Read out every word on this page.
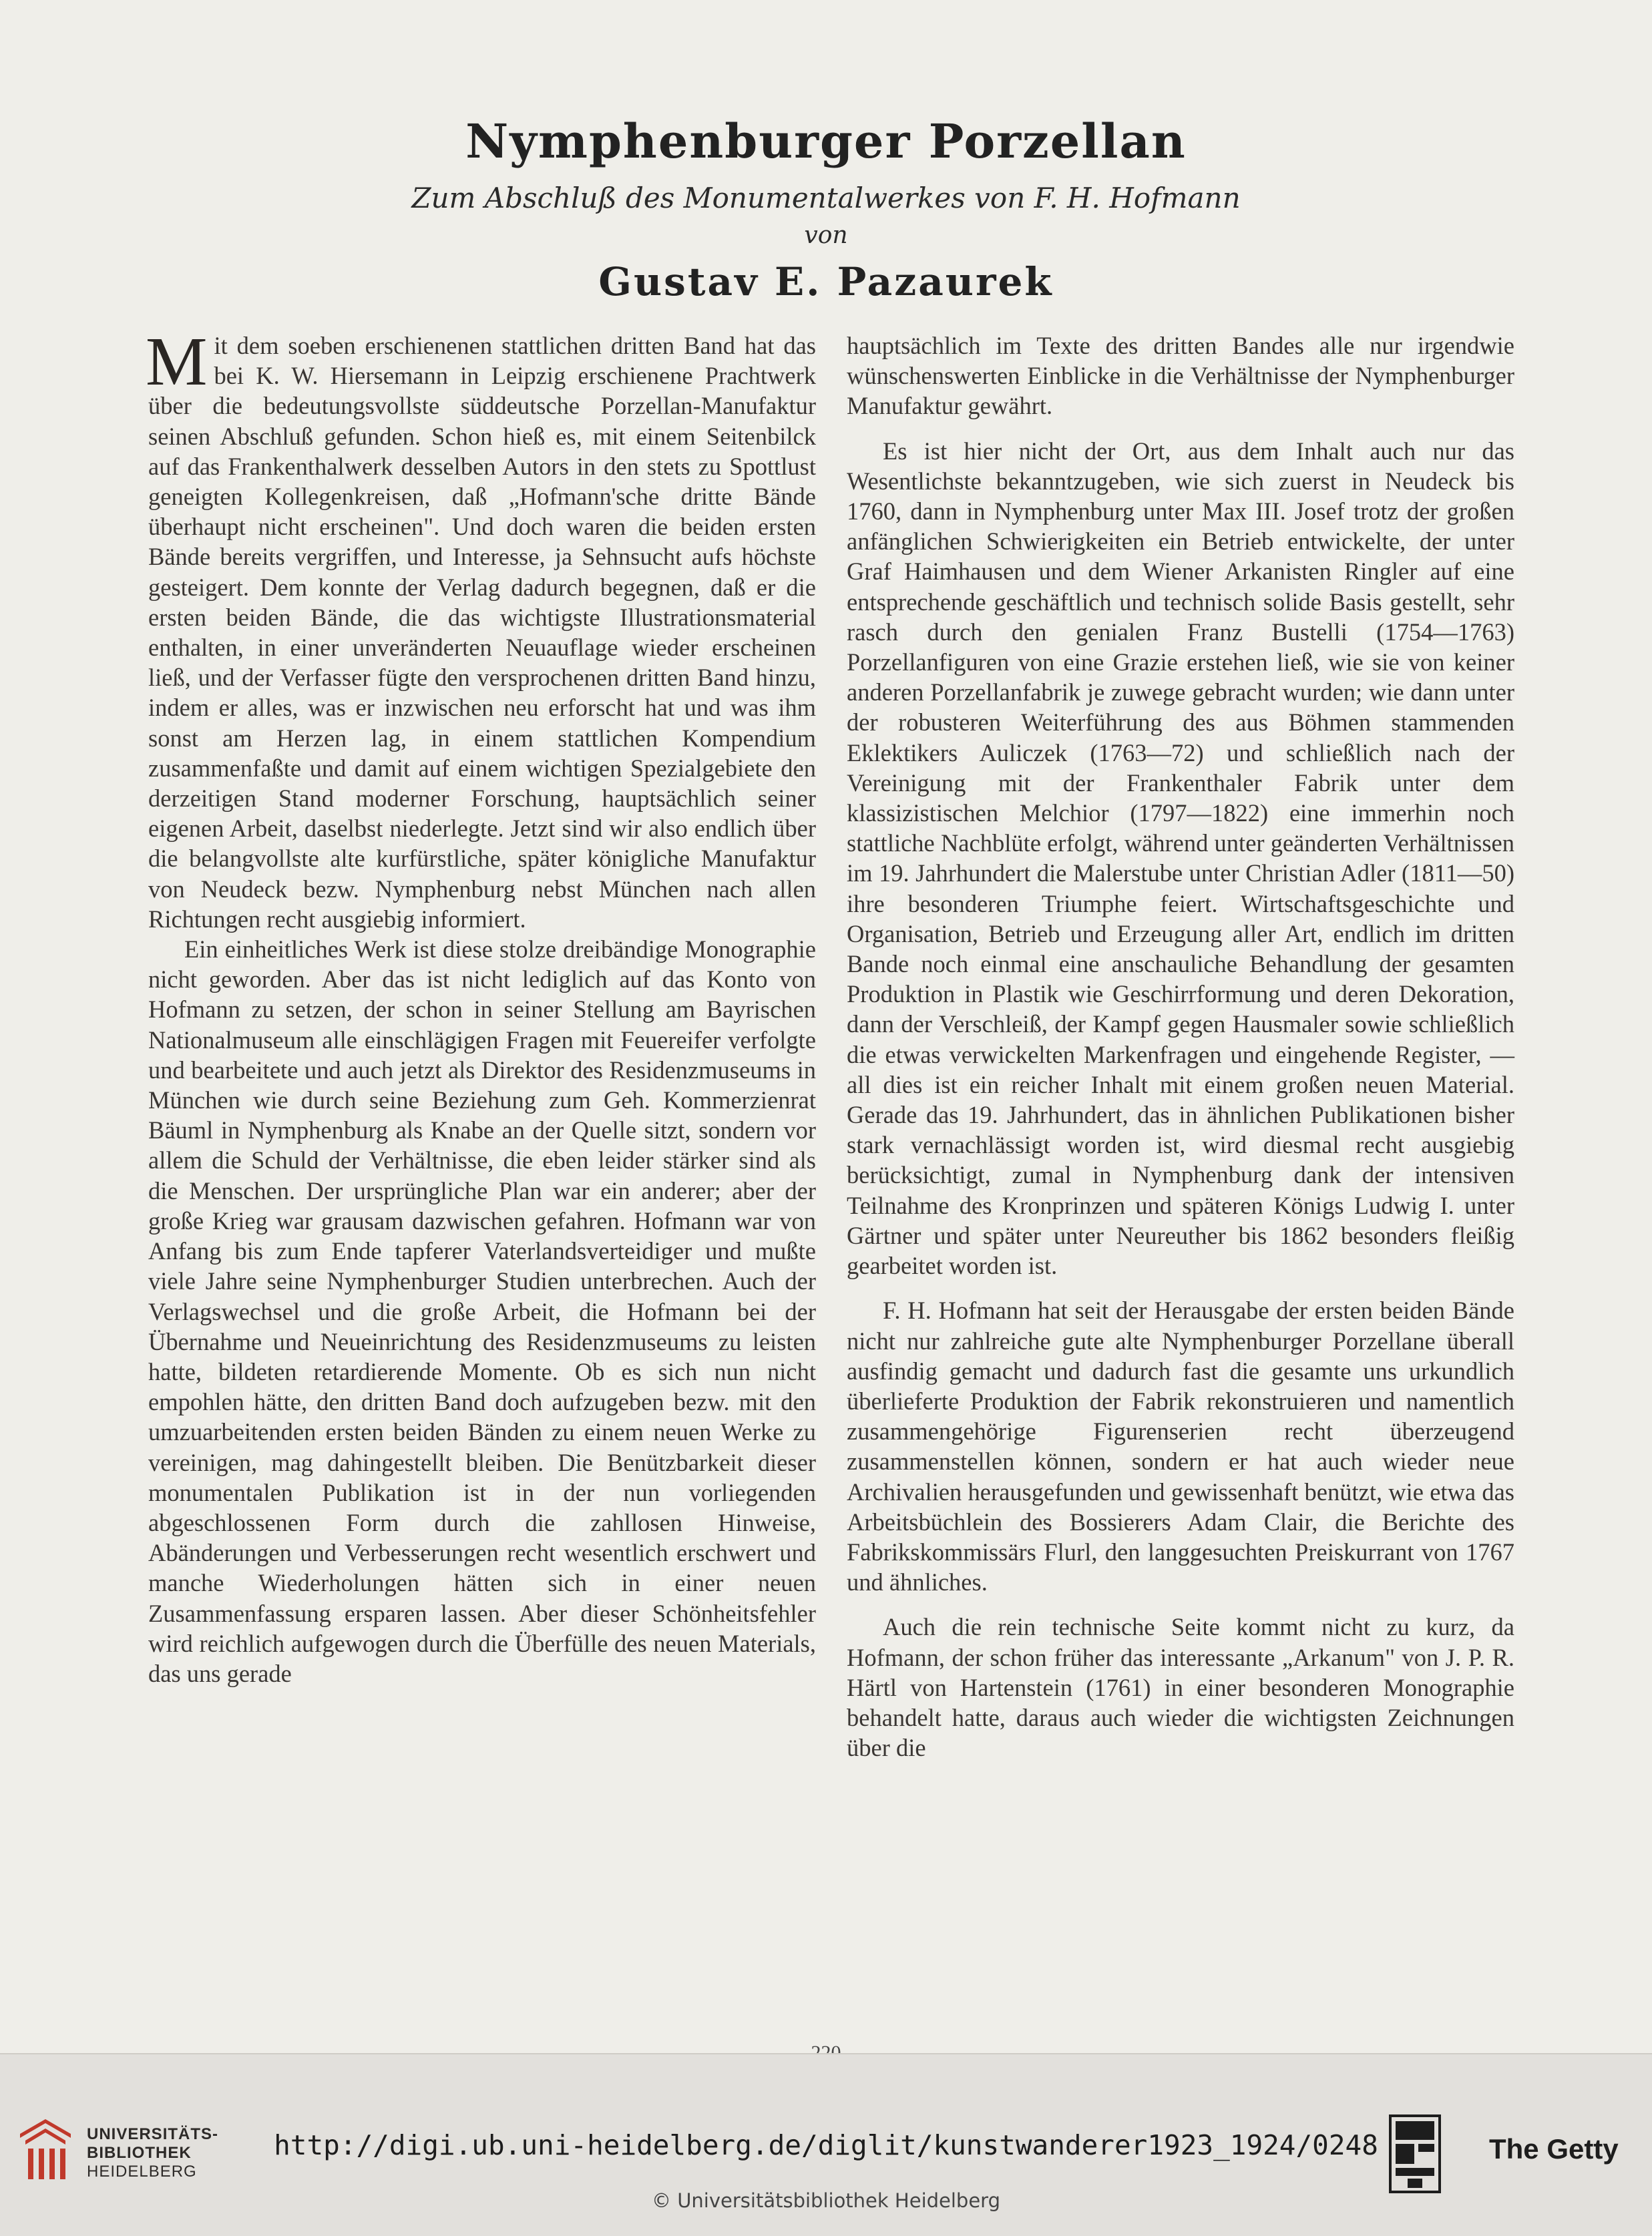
Nymphenburger Porzellan
Zum Abschluß des Monumentalwerkes von F. H. Hofmann
von
Gustav E. Pazaurek

Mit dem soeben erschienenen stattlichen dritten Band hat das bei K. W. Hiersemann in Leipzig erschienene Prachtwerk über die bedeutungsvollste süddeutsche Porzellan-Manufaktur seinen Abschluß gefunden. Schon hieß es, mit einem Seitenbilck auf das Frankenthalwerk desselben Autors in den stets zu Spottlust geneigten Kollegenkreisen, daß „Hofmann'sche dritte Bände überhaupt nicht erscheinen". Und doch waren die beiden ersten Bände bereits vergriffen, und Interesse, ja Sehnsucht aufs höchste gesteigert. Dem konnte der Verlag dadurch begegnen, daß er die ersten beiden Bände, die das wichtigste Illustrationsmaterial enthalten, in einer unveränderten Neuauflage wieder erscheinen ließ, und der Verfasser fügte den versprochenen dritten Band hinzu, indem er alles, was er inzwischen neu erforscht hat und was ihm sonst am Herzen lag, in einem stattlichen Kompendium zusammenfaßte und damit auf einem wichtigen Spezialgebiete den derzeitigen Stand moderner Forschung, hauptsächlich seiner eigenen Arbeit, daselbst niederlegte. Jetzt sind wir also endlich über die belangvollste alte kurfürstliche, später königliche Manufaktur von Neudeck bezw. Nymphenburg nebst München nach allen Richtungen recht ausgiebig informiert.

Ein einheitliches Werk ist diese stolze dreibändige Monographie nicht geworden. Aber das ist nicht lediglich auf das Konto von Hofmann zu setzen, der schon in seiner Stellung am Bayrischen Nationalmuseum alle einschlägigen Fragen mit Feuereifer verfolgte und bearbeitete und auch jetzt als Direktor des Residenzmuseums in München wie durch seine Beziehung zum Geh. Kommerzienrat Bäuml in Nymphenburg als Knabe an der Quelle sitzt, sondern vor allem die Schuld der Verhältnisse, die eben leider stärker sind als die Menschen. Der ursprüngliche Plan war ein anderer; aber der große Krieg war grausam dazwischen gefahren. Hofmann war von Anfang bis zum Ende tapferer Vaterlandsverteidiger und mußte viele Jahre seine Nymphenburger Studien unterbrechen. Auch der Verlagswechsel und die große Arbeit, die Hofmann bei der Übernahme und Neueinrichtung des Residenzmuseums zu leisten hatte, bildeten retardierende Momente. Ob es sich nun nicht empohlen hätte, den dritten Band doch aufzugeben bezw. mit den umzuarbeitenden ersten beiden Bänden zu einem neuen Werke zu vereinigen, mag dahingestellt bleiben. Die Benützbarkeit dieser monumentalen Publikation ist in der nun vorliegenden abgeschlossenen Form durch die zahllosen Hinweise, Abänderungen und Verbesserungen recht wesentlich erschwert und manche Wiederholungen hätten sich in einer neuen Zusammenfassung ersparen lassen. Aber dieser Schönheitsfehler wird reichlich aufgewogen durch die Überfülle des neuen Materials, das uns gerade

hauptsächlich im Texte des dritten Bandes alle nur irgendwie wünschenswerten Einblicke in die Verhältnisse der Nymphenburger Manufaktur gewährt.

Es ist hier nicht der Ort, aus dem Inhalt auch nur das Wesentlichste bekanntzugeben, wie sich zuerst in Neudeck bis 1760, dann in Nymphenburg unter Max III. Josef trotz der großen anfänglichen Schwierigkeiten ein Betrieb entwickelte, der unter Graf Haimhausen und dem Wiener Arkanisten Ringler auf eine entsprechende geschäftlich und technisch solide Basis gestellt, sehr rasch durch den genialen Franz Bustelli (1754—1763) Porzellanfiguren von eine Grazie erstehen ließ, wie sie von keiner anderen Porzellanfabrik je zuwege gebracht wurden; wie dann unter der robusteren Weiterführung des aus Böhmen stammenden Eklektikers Auliczek (1763—72) und schließlich nach der Vereinigung mit der Frankenthaler Fabrik unter dem klassizistischen Melchior (1797—1822) eine immerhin noch stattliche Nachblüte erfolgt, während unter geänderten Verhältnissen im 19. Jahrhundert die Malerstube unter Christian Adler (1811—50) ihre besonderen Triumphe feiert. Wirtschaftsgeschichte und Organisation, Betrieb und Erzeugung aller Art, endlich im dritten Bande noch einmal eine anschauliche Behandlung der gesamten Produktion in Plastik wie Geschirrformung und deren Dekoration, dann der Verschleiß, der Kampf gegen Hausmaler sowie schließlich die etwas verwickelten Markenfragen und eingehende Register, — all dies ist ein reicher Inhalt mit einem großen neuen Material. Gerade das 19. Jahrhundert, das in ähnlichen Publikationen bisher stark vernachlässigt worden ist, wird diesmal recht ausgiebig berücksichtigt, zumal in Nymphenburg dank der intensiven Teilnahme des Kronprinzen und späteren Königs Ludwig I. unter Gärtner und später unter Neureuther bis 1862 besonders fleißig gearbeitet worden ist.

F. H. Hofmann hat seit der Herausgabe der ersten beiden Bände nicht nur zahlreiche gute alte Nymphenburger Porzellane überall ausfindig gemacht und dadurch fast die gesamte uns urkundlich überlieferte Produktion der Fabrik rekonstruieren und namentlich zusammengehörige Figurenserien recht überzeugend zusammenstellen können, sondern er hat auch wieder neue Archivalien herausgefunden und gewissenhaft benützt, wie etwa das Arbeitsbüchlein des Bossierers Adam Clair, die Berichte des Fabrikskommissärs Flurl, den langgesuchten Preiskurrant von 1767 und ähnliches.

Auch die rein technische Seite kommt nicht zu kurz, da Hofmann, der schon früher das interessante „Arkanum" von J. P. R. Härtl von Hartenstein (1761) in einer besonderen Monographie behandelt hatte, daraus auch wieder die wichtigsten Zeichnungen über die

UNIVERSITÄTS-
BIBLIOTHEK
HEIDELBERG
http://digi.ub.uni-heidelberg.de/diglit/kunstwanderer1923_1924/0248
© Universitätsbibliothek Heidelberg
The Getty
